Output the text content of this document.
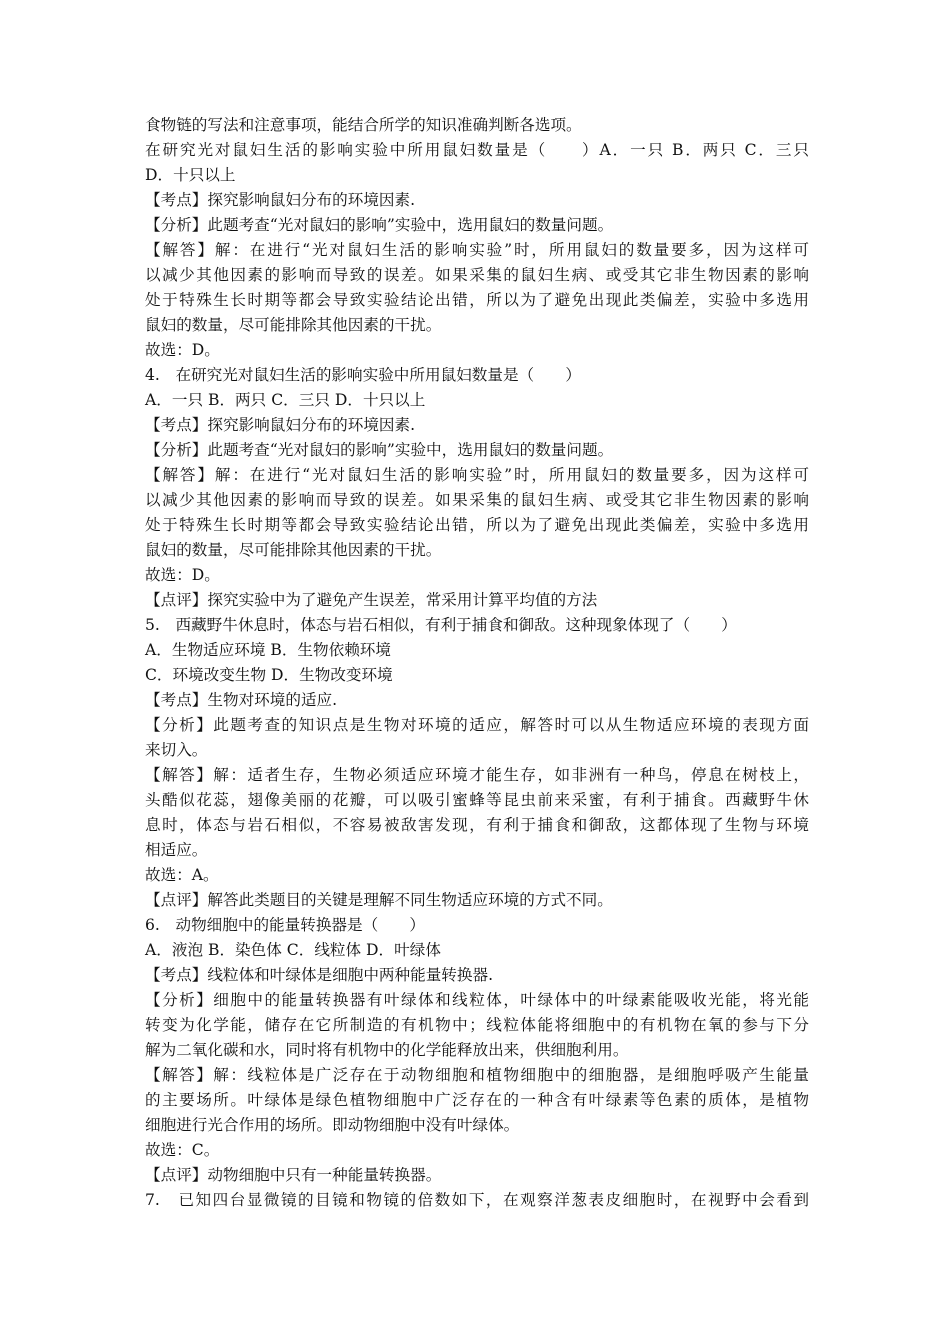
食物链的写法和注意事项，能结合所学的知识准确判断各选项。
在研究光对鼠妇生活的影响实验中所用鼠妇数量是（　　）A．一只 B．两只 C．三只
D．十只以上
【考点】探究影响鼠妇分布的环境因素.
【分析】此题考查“光对鼠妇的影响”实验中，选用鼠妇的数量问题。
【解答】解：在进行“光对鼠妇生活的影响实验”时，所用鼠妇的数量要多，因为这样可
以减少其他因素的影响而导致的误差。如果采集的鼠妇生病、或受其它非生物因素的影响
处于特殊生长时期等都会导致实验结论出错，所以为了避免出现此类偏差，实验中多选用
鼠妇的数量，尽可能排除其他因素的干扰。
故选：D。
4.　在研究光对鼠妇生活的影响实验中所用鼠妇数量是（　　）
A．一只 B．两只 C．三只 D．十只以上
【考点】探究影响鼠妇分布的环境因素.
【分析】此题考查“光对鼠妇的影响”实验中，选用鼠妇的数量问题。
【解答】解：在进行“光对鼠妇生活的影响实验”时，所用鼠妇的数量要多，因为这样可
以减少其他因素的影响而导致的误差。如果采集的鼠妇生病、或受其它非生物因素的影响
处于特殊生长时期等都会导致实验结论出错，所以为了避免出现此类偏差，实验中多选用
鼠妇的数量，尽可能排除其他因素的干扰。
故选：D。
【点评】探究实验中为了避免产生误差，常采用计算平均值的方法
5.　西藏野牛休息时，体态与岩石相似，有利于捕食和御敌。这种现象体现了（　　）
A．生物适应环境 B．生物依赖环境
C．环境改变生物 D．生物改变环境
【考点】生物对环境的适应.
【分析】此题考查的知识点是生物对环境的适应，解答时可以从生物适应环境的表现方面
来切入。
【解答】解：适者生存，生物必须适应环境才能生存，如非洲有一种鸟，停息在树枝上，
头酷似花蕊，翅像美丽的花瓣，可以吸引蜜蜂等昆虫前来采蜜，有利于捕食。西藏野牛休
息时，体态与岩石相似，不容易被敌害发现，有利于捕食和御敌，这都体现了生物与环境
相适应。
故选：A。
【点评】解答此类题目的关键是理解不同生物适应环境的方式不同。
6.　动物细胞中的能量转换器是（　　）
A．液泡 B．染色体 C．线粒体 D．叶绿体
【考点】线粒体和叶绿体是细胞中两种能量转换器.
【分析】细胞中的能量转换器有叶绿体和线粒体，叶绿体中的叶绿素能吸收光能，将光能
转变为化学能，储存在它所制造的有机物中；线粒体能将细胞中的有机物在氧的参与下分
解为二氧化碳和水，同时将有机物中的化学能释放出来，供细胞利用。
【解答】解：线粒体是广泛存在于动物细胞和植物细胞中的细胞器，是细胞呼吸产生能量
的主要场所。叶绿体是绿色植物细胞中广泛存在的一种含有叶绿素等色素的质体，是植物
细胞进行光合作用的场所。即动物细胞中没有叶绿体。
故选：C。
【点评】动物细胞中只有一种能量转换器。
7.　已知四台显微镜的目镜和物镜的倍数如下，在观察洋葱表皮细胞时，在视野中会看到
